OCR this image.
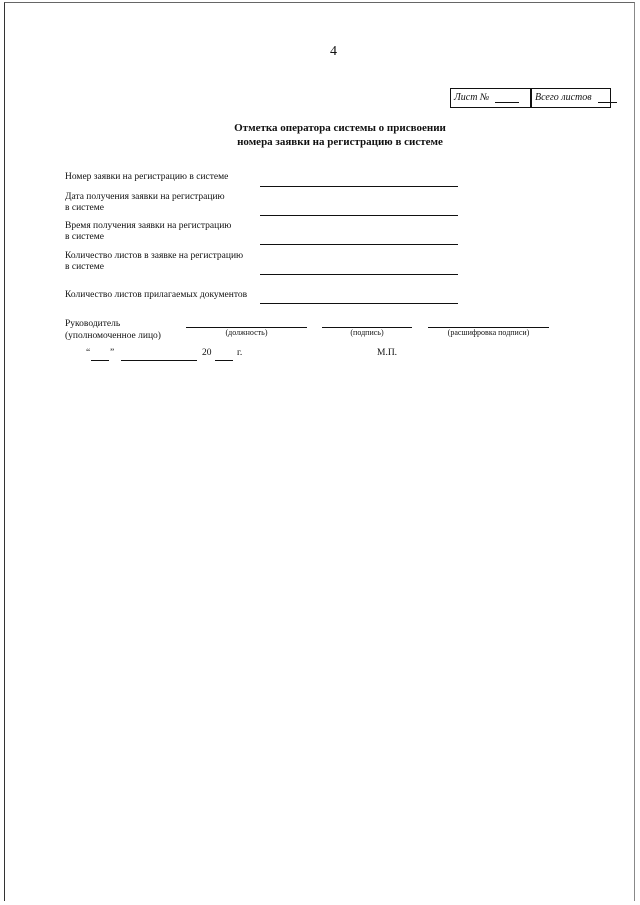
4
Лист №	Всего листов
Отметка оператора системы о присвоении
номера заявки на регистрацию в системе
Номер заявки на регистрацию в системе
Дата получения заявки на регистрацию
в системе
Время получения заявки на регистрацию
в системе
Количество листов в заявке на регистрацию
в системе
Количество листов прилагаемых документов
Руководитель
(уполномоченное лицо)	(должность)	(подпись)	(расшифровка подписи)
“ ”	20	г.	М.П.
